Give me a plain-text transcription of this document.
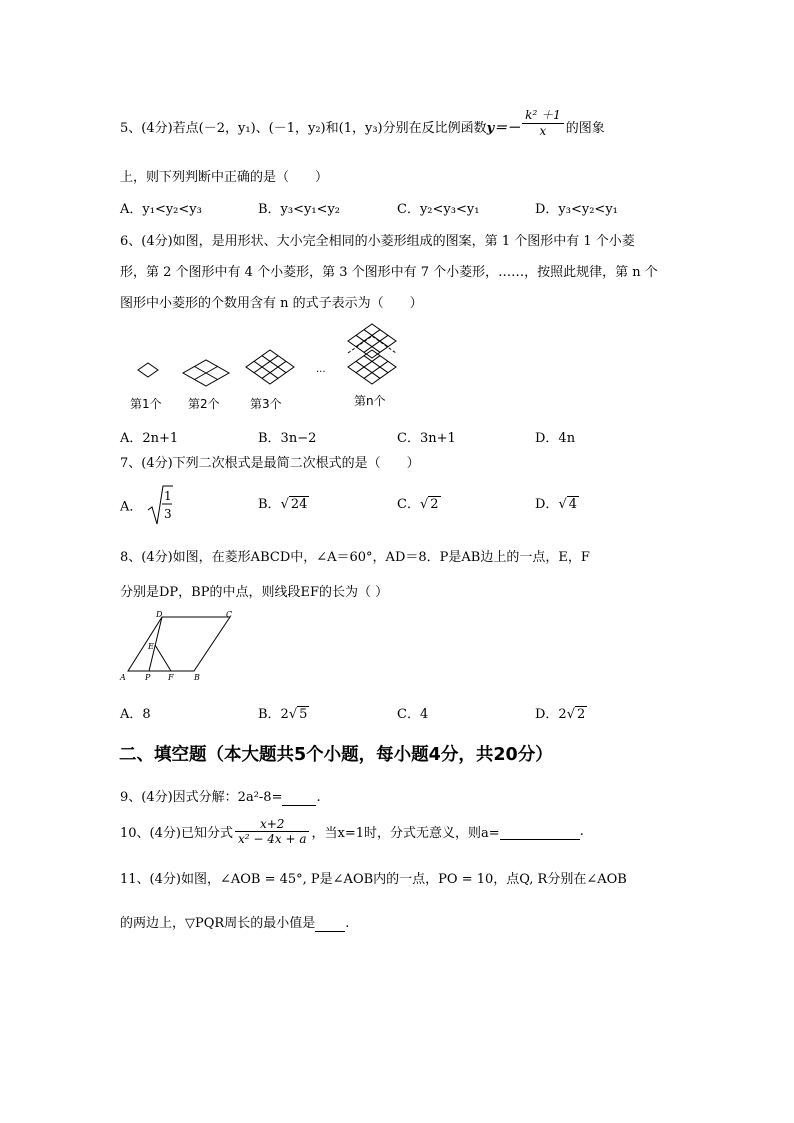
5、(4分)若点(－2，y₁)、(－1，y₂)和(1，y₃)分别在反比例函数$y=- \frac{\text{k² ＋1}}{x}$ 的图象
上，则下列判断中正确的是（　　）
A．y₁<y₂<y₃	B．y₃<y₁<y₂	C．y₂<y₃<y₁	D．y₃<y₂<y₁
6、(4分)如图，是用形状、大小完全相同的小菱形组成的图案，第 1 个图形中有 1 个小菱
形，第 2 个图形中有 4 个小菱形，第 3 个图形中有 7 个小菱形，……，按照此规律，第 n 个
图形中小菱形的个数用含有 n 的式子表示为（　　）
···
第1个 第2个	第3个	第n个
A．2n+1	B．3n−2	C．3n+1	D．4n
7、(4分)下列二次根式是最简二次根式的是（　　）
A．
1
3
B．√ 24	C．√ 2	D．√ 4
8、(4分)如图，在菱形ABCD中，∠A＝60°，AD＝8．P是AB边上的一点，E，F
分别是DP，BP的中点，则线段EF的长为（ ）
A	B
C
D
E
P F
A．8	B．2√ 5	C．4	D．2√ 2
二、填空题（本大题共5个小题，每小题4分，共20分）
9、(4分)因式分解：2a²-8=	.
10、(4分)已知分式 $\frac{x+2}{\text{x² − 4x + a}}$ ，当x=1时，分式无意义，则a=	.
11、(4分)如图，∠AOB = 45°, P是∠AOB内的一点，PO = 10，点Q, R分别在∠AOB
的两边上，▽PQR周长的最小值是 .
